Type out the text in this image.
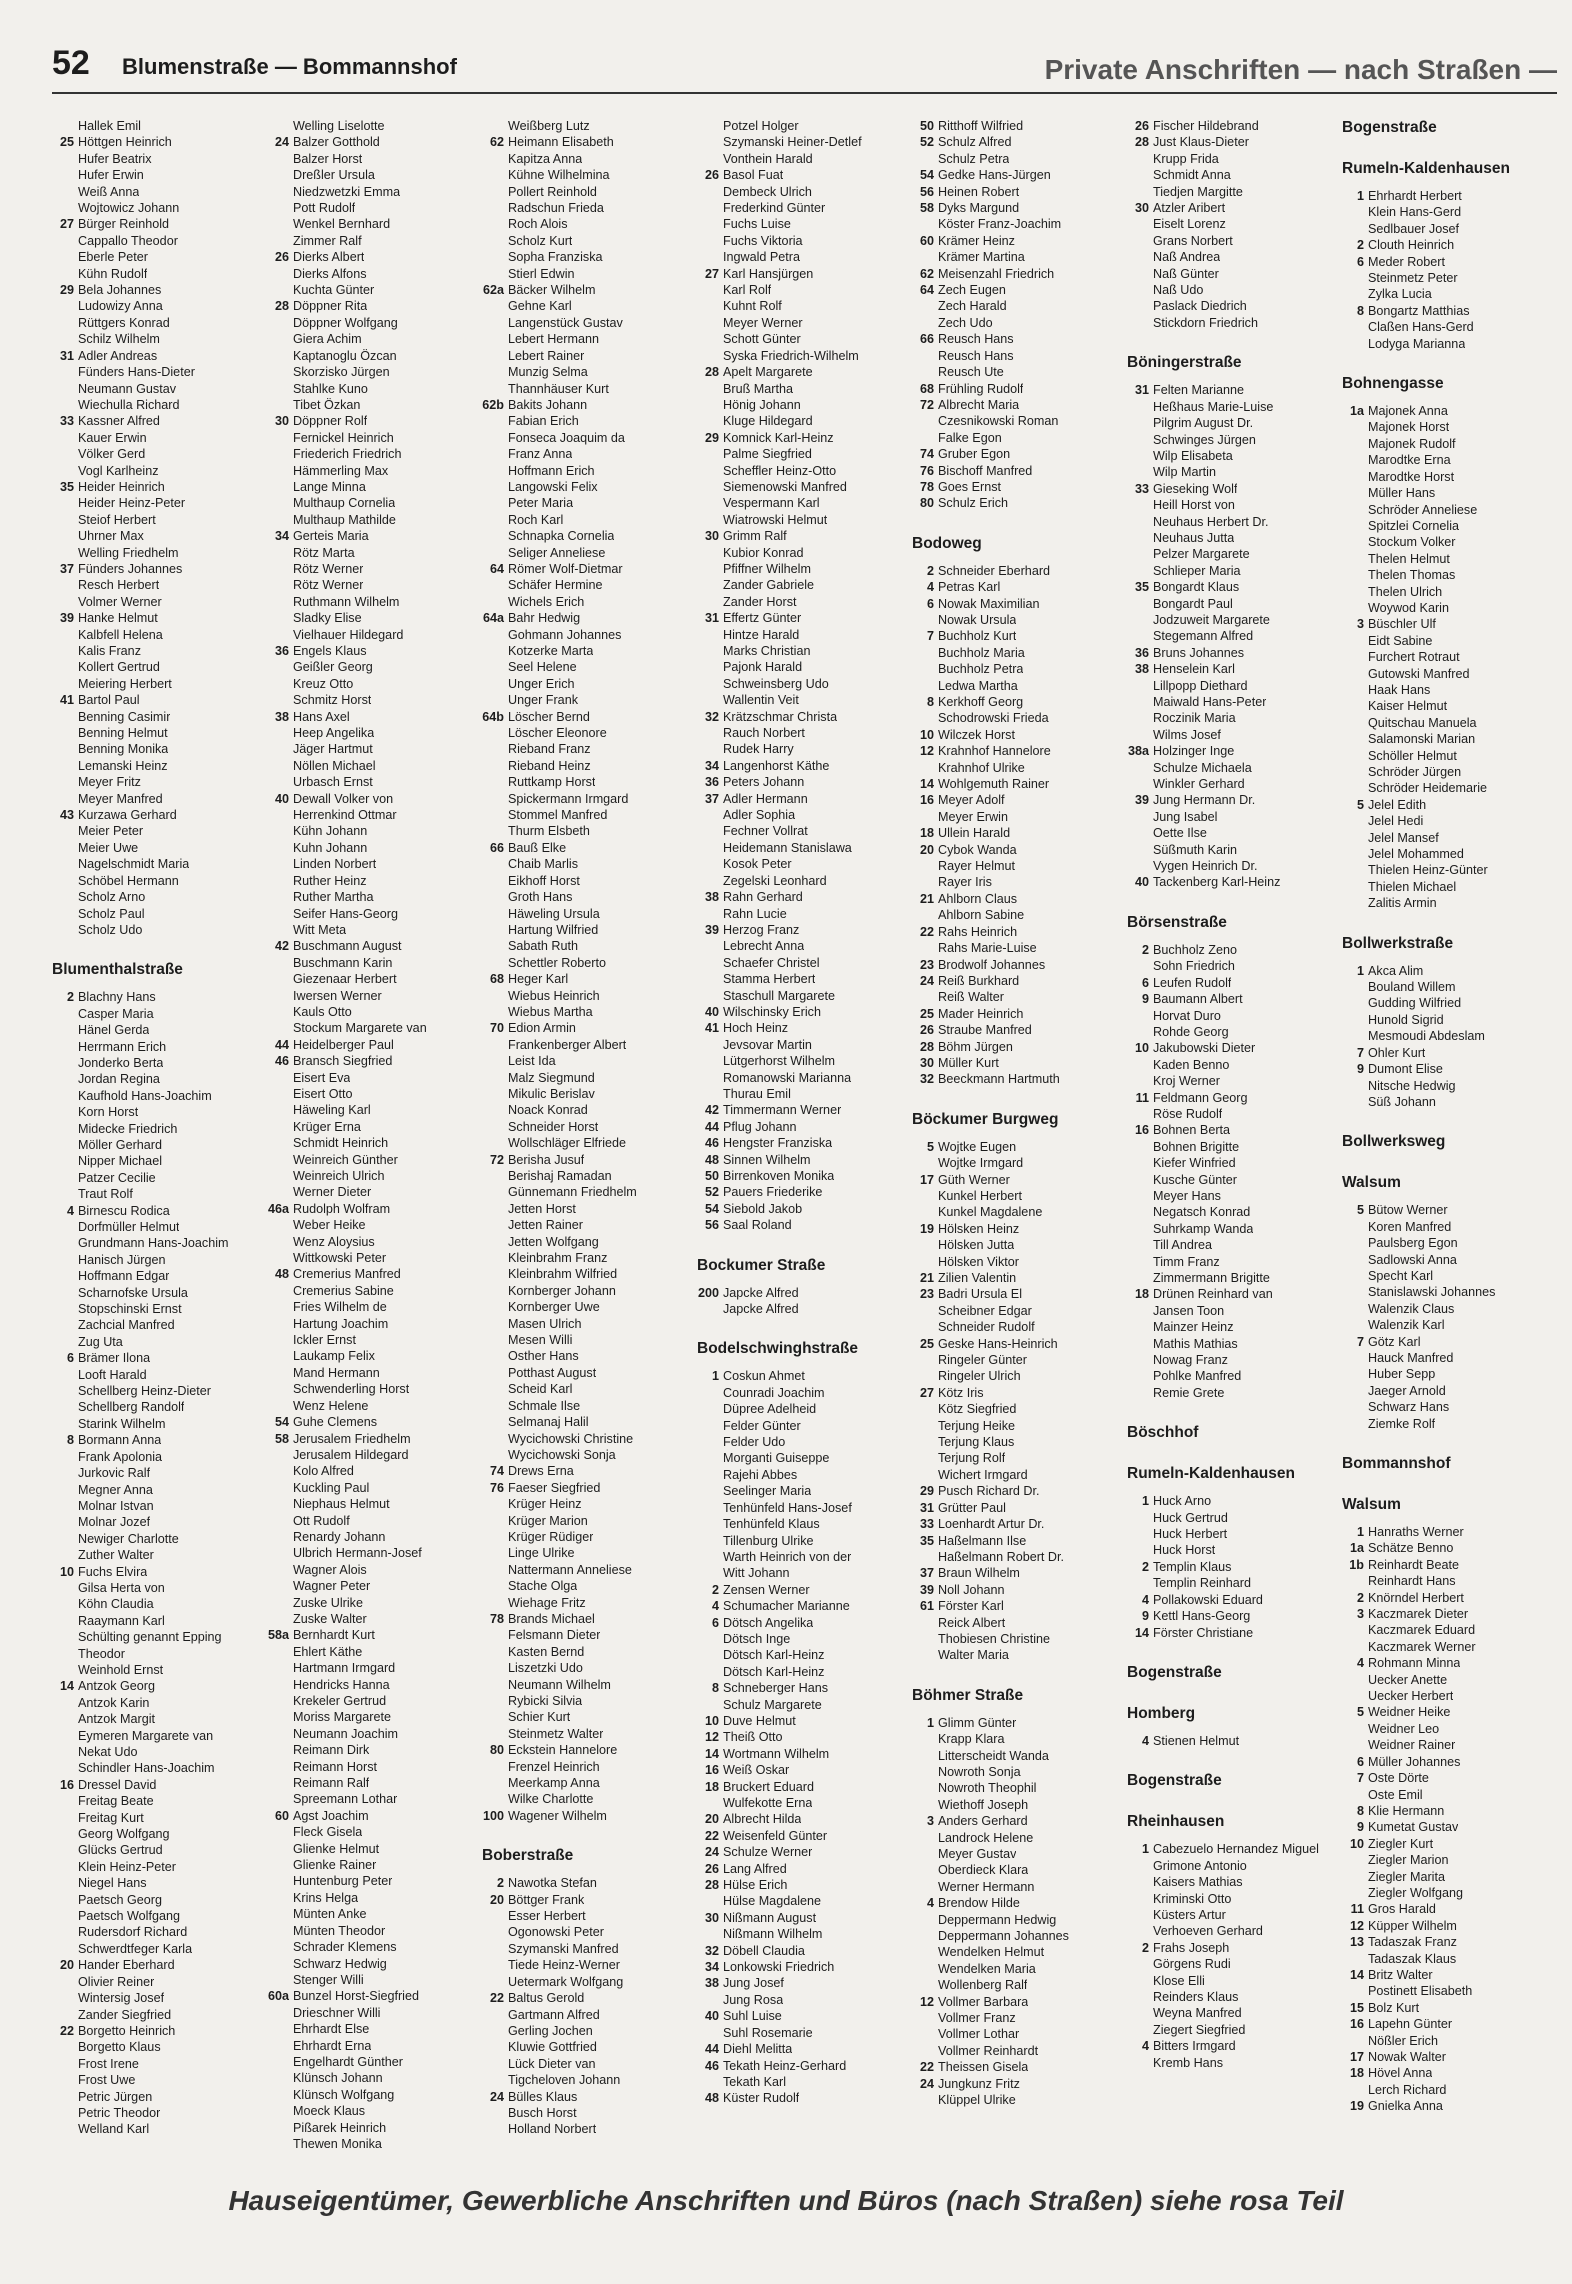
52 Blumenstraße — Bommannshof	Private Anschriften — nach Straßen —
Hallek Emil
25 Höttgen Heinrich
Hufer Beatrix
Hufer Erwin
Weiß Anna
Wojtowicz Johann
27 Bürger Reinhold
Cappallo Theodor
Eberle Peter
Kühn Rudolf
29 Bela Johannes
Ludowizy Anna
Rüttgers Konrad
Schilz Wilhelm
31 Adler Andreas
Fünders Hans-Dieter
Neumann Gustav
Wiechulla Richard
33 Kassner Alfred
Kauer Erwin
Völker Gerd
Vogl Karlheinz
35 Heider Heinrich
Heider Heinz-Peter
Steiof Herbert
Uhrner Max
Welling Friedhelm
37 Fünders Johannes
Resch Herbert
Volmer Werner
39 Hanke Helmut
Kalbfell Helena
Kalis Franz
Kollert Gertrud
Meiering Herbert
41 Bartol Paul
Benning Casimir
Benning Helmut
Benning Monika
Lemanski Heinz
Meyer Fritz
Meyer Manfred
43 Kurzawa Gerhard
Meier Peter
Meier Uwe
Nagelschmidt Maria
Schöbel Hermann
Scholz Arno
Scholz Paul
Scholz Udo
Blumenthalstraße
2 Blachny Hans
Casper Maria
Hänel Gerda
Herrmann Erich
Jonderko Berta
Jordan Regina
Kaufhold Hans-Joachim
Korn Horst
Midecke Friedrich
Möller Gerhard
Nipper Michael
Patzer Cecilie
Traut Rolf
4 Birnescu Rodica
Dorfmüller Helmut
Grundmann Hans-Joachim
Hanisch Jürgen
Hoffmann Edgar
Scharnofske Ursula
Stopschinski Ernst
Zachcial Manfred
Zug Uta
6 Brämer Ilona
Looft Harald
Schellberg Heinz-Dieter
Schellberg Randolf
Starink Wilhelm
8 Bormann Anna
Frank Apolonia
Jurkovic Ralf
Megner Anna
Molnar Istvan
Molnar Jozef
Newiger Charlotte
Zuther Walter
10 Fuchs Elvira
Gilsa Herta von
Köhn Claudia
Raaymann Karl
Schülting genannt Epping
Theodor
Weinhold Ernst
14 Antzok Georg
Antzok Karin
Antzok Margit
Eymeren Margarete van
Nekat Udo
Schindler Hans-Joachim
16 Dressel David
Freitag Beate
Freitag Kurt
Georg Wolfgang
Glücks Gertrud
Klein Heinz-Peter
Niegel Hans
Paetsch Georg
Paetsch Wolfgang
Rudersdorf Richard
Schwerdtfeger Karla
20 Hander Eberhard
Olivier Reiner
Wintersig Josef
Zander Siegfried
22 Borgetto Heinrich
Borgetto Klaus
Frost Irene
Frost Uwe
Petric Jürgen
Petric Theodor
Welland Karl
Welling Liselotte
24 Balzer Gotthold
Balzer Horst
Dreßler Ursula
Niedzwetzki Emma
Pott Rudolf
Wenkel Bernhard
Zimmer Ralf
26 Dierks Albert
Dierks Alfons
Kuchta Günter
28 Döppner Rita
Döppner Wolfgang
Giera Achim
Kaptanoglu Özcan
Skorzisko Jürgen
Stahlke Kuno
Tibet Özkan
30 Döppner Rolf
Fernickel Heinrich
Friederich Friedrich
Hämmerling Max
Lange Minna
Multhaup Cornelia
Multhaup Mathilde
34 Gerteis Maria
Rötz Marta
Rötz Werner
Rötz Werner
Ruthmann Wilhelm
Sladky Elise
Vielhauer Hildegard
36 Engels Klaus
Geißler Georg
Kreuz Otto
Schmitz Horst
38 Hans Axel
Heep Angelika
Jäger Hartmut
Nöllen Michael
Urbasch Ernst
40 Dewall Volker von
Herrenkind Ottmar
Kühn Johann
Kuhn Johann
Linden Norbert
Ruther Heinz
Ruther Martha
Seifer Hans-Georg
Witt Meta
42 Buschmann August
Buschmann Karin
Giezenaar Herbert
Iwersen Werner
Kauls Otto
Stockum Margarete van
44 Heidelberger Paul
46 Bransch Siegfried
Eisert Eva
Eisert Otto
Häweling Karl
Krüger Erna
Schmidt Heinrich
Weinreich Günther
Weinreich Ulrich
Werner Dieter
46a Rudolph Wolfram
Weber Heike
Wenz Aloysius
Wittkowski Peter
48 Cremerius Manfred
Cremerius Sabine
Fries Wilhelm de
Hartung Joachim
Ickler Ernst
Laukamp Felix
Mand Hermann
Schwenderling Horst
Wenz Helene
54 Guhe Clemens
58 Jerusalem Friedhelm
Jerusalem Hildegard
Kolo Alfred
Kuckling Paul
Niephaus Helmut
Ott Rudolf
Renardy Johann
Ulbrich Hermann-Josef
Wagner Alois
Wagner Peter
Zuske Ulrike
Zuske Walter
58a Bernhardt Kurt
Ehlert Käthe
Hartmann Irmgard
Hendricks Hanna
Krekeler Gertrud
Moriss Margarete
Neumann Joachim
Reimann Dirk
Reimann Horst
Reimann Ralf
Spreemann Lothar
60 Agst Joachim
Fleck Gisela
Glienke Helmut
Glienke Rainer
Huntenburg Peter
Krins Helga
Münten Anke
Münten Theodor
Schrader Klemens
Schwarz Hedwig
Stenger Willi
60a Bunzel Horst-Siegfried
Drieschner Willi
Ehrhardt Else
Ehrhardt Erna
Engelhardt Günther
Klünsch Johann
Klünsch Wolfgang
Moeck Klaus
Pißarek Heinrich
Thewen Monika
Weißberg Lutz
62 Heimann Elisabeth
Kapitza Anna
Kühne Wilhelmina
Pollert Reinhold
Radschun Frieda
Roch Alois
Scholz Kurt
Sopha Franziska
Stierl Edwin
62a Bäcker Wilhelm
Gehne Karl
Langenstück Gustav
Lebert Hermann
Lebert Rainer
Munzig Selma
Thannhäuser Kurt
62b Bakits Johann
Fabian Erich
Fonseca Joaquim da
Franz Anna
Hoffmann Erich
Langowski Felix
Peter Maria
Roch Karl
Schnapka Cornelia
Seliger Anneliese
64 Römer Wolf-Dietmar
Schäfer Hermine
Wichels Erich
64a Bahr Hedwig
Gohmann Johannes
Kotzerke Marta
Seel Helene
Unger Erich
Unger Frank
64b Löscher Bernd
Löscher Eleonore
Rieband Franz
Rieband Heinz
Ruttkamp Horst
Spickermann Irmgard
Stommel Manfred
Thurm Elsbeth
66 Bauß Elke
Chaib Marlis
Eikhoff Horst
Groth Hans
Häweling Ursula
Hartung Wilfried
Sabath Ruth
Schettler Roberto
68 Heger Karl
Wiebus Heinrich
Wiebus Martha
70 Edion Armin
Frankenberger Albert
Leist Ida
Malz Siegmund
Mikulic Berislav
Noack Konrad
Schneider Horst
Wollschläger Elfriede
72 Berisha Jusuf
Berishaj Ramadan
Günnemann Friedhelm
Jetten Horst
Jetten Rainer
Jetten Wolfgang
Kleinbrahm Franz
Kleinbrahm Wilfried
Kornberger Johann
Kornberger Uwe
Masen Ulrich
Mesen Willi
Osther Hans
Potthast August
Scheid Karl
Schmale Ilse
Selmanaj Halil
Wycichowski Christine
Wycichowski Sonja
74 Drews Erna
76 Faeser Siegfried
Krüger Heinz
Krüger Marion
Krüger Rüdiger
Linge Ulrike
Nattermann Anneliese
Stache Olga
Wiehage Fritz
78 Brands Michael
Felsmann Dieter
Kasten Bernd
Liszetzki Udo
Neumann Wilhelm
Rybicki Silvia
Schier Kurt
Steinmetz Walter
80 Eckstein Hannelore
Frenzel Heinrich
Meerkamp Anna
Wilke Charlotte
100 Wagener Wilhelm
Boberstraße
2 Nawotka Stefan
20 Böttger Frank
Esser Herbert
Ogonowski Peter
Szymanski Manfred
Tiede Heinz-Werner
Uetermark Wolfgang
22 Baltus Gerold
Gartmann Alfred
Gerling Jochen
Kluwie Gottfried
Lück Dieter van
Tigcheloven Johann
24 Bülles Klaus
Busch Horst
Holland Norbert
Potzel Holger
Szymanski Heiner-Detlef
Vonthein Harald
26 Basol Fuat
Dembeck Ulrich
Frederkind Günter
Fuchs Luise
Fuchs Viktoria
Ingwald Petra
27 Karl Hansjürgen
Karl Rolf
Kuhnt Rolf
Meyer Werner
Schott Günter
Syska Friedrich-Wilhelm
28 Apelt Margarete
Bruß Martha
Hönig Johann
Kluge Hildegard
29 Komnick Karl-Heinz
Palme Siegfried
Scheffler Heinz-Otto
Siemenowski Manfred
Vespermann Karl
Wiatrowski Helmut
30 Grimm Ralf
Kubior Konrad
Pfiffner Wilhelm
Zander Gabriele
Zander Horst
31 Effertz Günter
Hintze Harald
Marks Christian
Pajonk Harald
Schweinsberg Udo
Wallentin Veit
32 Krätzschmar Christa
Rauch Norbert
Rudek Harry
34 Langenhorst Käthe
36 Peters Johann
37 Adler Hermann
Adler Sophia
Fechner Vollrat
Heidemann Stanislawa
Kosok Peter
Zegelski Leonhard
38 Rahn Gerhard
Rahn Lucie
39 Herzog Franz
Lebrecht Anna
Schaefer Christel
Stamma Herbert
Staschull Margarete
40 Wilschinsky Erich
41 Hoch Heinz
Jevsovar Martin
Lütgerhorst Wilhelm
Romanowski Marianna
Thurau Emil
42 Timmermann Werner
44 Pflug Johann
46 Hengster Franziska
48 Sinnen Wilhelm
50 Birrenkoven Monika
52 Pauers Friederike
54 Siebold Jakob
56 Saal Roland
Bockumer Straße
200 Japcke Alfred
Japcke Alfred
Bodelschwinghstraße
1 Coskun Ahmet
Counradi Joachim
Düpree Adelheid
Felder Günter
Felder Udo
Morganti Guiseppe
Rajehi Abbes
Seelinger Maria
Tenhünfeld Hans-Josef
Tenhünfeld Klaus
Tillenburg Ulrike
Warth Heinrich von der
Witt Johann
2 Zensen Werner
4 Schumacher Marianne
6 Dötsch Angelika
Dötsch Inge
Dötsch Karl-Heinz
Dötsch Karl-Heinz
8 Schneberger Hans
Schulz Margarete
10 Duve Helmut
12 Theiß Otto
14 Wortmann Wilhelm
16 Weiß Oskar
18 Bruckert Eduard
Wulfekotte Erna
20 Albrecht Hilda
22 Weisenfeld Günter
24 Schulze Werner
26 Lang Alfred
28 Hülse Erich
Hülse Magdalene
30 Nißmann August
Nißmann Wilhelm
32 Döbell Claudia
34 Lonkowski Friedrich
38 Jung Josef
Jung Rosa
40 Suhl Luise
Suhl Rosemarie
44 Diehl Melitta
46 Tekath Heinz-Gerhard
Tekath Karl
48 Küster Rudolf
50 Ritthoff Wilfried
52 Schulz Alfred
Schulz Petra
54 Gedke Hans-Jürgen
56 Heinen Robert
58 Dyks Margund
Köster Franz-Joachim
60 Krämer Heinz
Krämer Martina
62 Meisenzahl Friedrich
64 Zech Eugen
Zech Harald
Zech Udo
66 Reusch Hans
Reusch Hans
Reusch Ute
68 Frühling Rudolf
72 Albrecht Maria
Czesnikowski Roman
Falke Egon
74 Gruber Egon
76 Bischoff Manfred
78 Goes Ernst
80 Schulz Erich
Bodoweg
2 Schneider Eberhard
4 Petras Karl
6 Nowak Maximilian
Nowak Ursula
7 Buchholz Kurt
Buchholz Maria
Buchholz Petra
Ledwa Martha
8 Kerkhoff Georg
Schodrowski Frieda
10 Wilczek Horst
12 Krahnhof Hannelore
Krahnhof Ulrike
14 Wohlgemuth Rainer
16 Meyer Adolf
Meyer Erwin
18 Ullein Harald
20 Cybok Wanda
Rayer Helmut
Rayer Iris
21 Ahlborn Claus
Ahlborn Sabine
22 Rahs Heinrich
Rahs Marie-Luise
23 Brodwolf Johannes
24 Reiß Burkhard
Reiß Walter
25 Mader Heinrich
26 Straube Manfred
28 Böhm Jürgen
30 Müller Kurt
32 Beeckmann Hartmuth
Böckumer Burgweg
5 Wojtke Eugen
Wojtke Irmgard
17 Güth Werner
Kunkel Herbert
Kunkel Magdalene
19 Hölsken Heinz
Hölsken Jutta
Hölsken Viktor
21 Zilien Valentin
23 Badri Ursula El
Scheibner Edgar
Schneider Rudolf
25 Geske Hans-Heinrich
Ringeler Günter
Ringeler Ulrich
27 Kötz Iris
Kötz Siegfried
Terjung Heike
Terjung Klaus
Terjung Rolf
Wichert Irmgard
29 Pusch Richard Dr.
31 Grütter Paul
33 Loenhardt Artur Dr.
35 Haßelmann Ilse
Haßelmann Robert Dr.
37 Braun Wilhelm
39 Noll Johann
61 Förster Karl
Reick Albert
Thobiesen Christine
Walter Maria
Böhmer Straße
1 Glimm Günter
Krapp Klara
Litterscheidt Wanda
Nowroth Sonja
Nowroth Theophil
Wiethoff Joseph
3 Anders Gerhard
Landrock Helene
Meyer Gustav
Oberdieck Klara
Werner Hermann
4 Brendow Hilde
Deppermann Hedwig
Deppermann Johannes
Wendelken Helmut
Wendelken Maria
Wollenberg Ralf
12 Vollmer Barbara
Vollmer Franz
Vollmer Lothar
Vollmer Reinhardt
22 Theissen Gisela
24 Jungkunz Fritz
Klüppel Ulrike
26 Fischer Hildebrand
28 Just Klaus-Dieter
Krupp Frida
Schmidt Anna
Tiedjen Margitte
30 Atzler Aribert
Eiselt Lorenz
Grans Norbert
Naß Andrea
Naß Günter
Naß Udo
Paslack Diedrich
Stickdorn Friedrich
Böningerstraße
31 Felten Marianne
Heßhaus Marie-Luise
Pilgrim August Dr.
Schwinges Jürgen
Wilp Elisabeta
Wilp Martin
33 Gieseking Wolf
Heill Horst von
Neuhaus Herbert Dr.
Neuhaus Jutta
Pelzer Margarete
Schlieper Maria
35 Bongardt Klaus
Bongardt Paul
Jodzuweit Margarete
Stegemann Alfred
36 Bruns Johannes
38 Henselein Karl
Lillpopp Diethard
Maiwald Hans-Peter
Roczinik Maria
Wilms Josef
38a Holzinger Inge
Schulze Michaela
Winkler Gerhard
39 Jung Hermann Dr.
Jung Isabel
Oette Ilse
Süßmuth Karin
Vygen Heinrich Dr.
40 Tackenberg Karl-Heinz
Börsenstraße
2 Buchholz Zeno
Sohn Friedrich
6 Leufen Rudolf
9 Baumann Albert
Horvat Duro
Rohde Georg
10 Jakubowski Dieter
Kaden Benno
Kroj Werner
11 Feldmann Georg
Röse Rudolf
16 Bohnen Berta
Bohnen Brigitte
Kiefer Winfried
Kusche Günter
Meyer Hans
Negatsch Konrad
Suhrkamp Wanda
Till Andrea
Timm Franz
Zimmermann Brigitte
18 Drünen Reinhard van
Jansen Toon
Mainzer Heinz
Mathis Mathias
Nowag Franz
Pohlke Manfred
Remie Grete
Böschhof
Rumeln-Kaldenhausen
1 Huck Arno
Huck Gertrud
Huck Herbert
Huck Horst
2 Templin Klaus
Templin Reinhard
4 Pollakowski Eduard
9 Kettl Hans-Georg
14 Förster Christiane
Bogenstraße
Homberg
4 Stienen Helmut
Bogenstraße
Rheinhausen
1 Cabezuelo Hernandez Miguel
Grimone Antonio
Kaisers Mathias
Kriminski Otto
Küsters Artur
Verhoeven Gerhard
2 Frahs Joseph
Görgens Rudi
Klose Elli
Reinders Klaus
Weyna Manfred
Ziegert Siegfried
4 Bitters Irmgard
Kremb Hans
Bogenstraße
Rumeln-Kaldenhausen
1 Ehrhardt Herbert
Klein Hans-Gerd
Sedlbauer Josef
2 Clouth Heinrich
6 Meder Robert
Steinmetz Peter
Zylka Lucia
8 Bongartz Matthias
Claßen Hans-Gerd
Lodyga Marianna
Bohnengasse
1a Majonek Anna
Majonek Horst
Majonek Rudolf
Marodtke Erna
Marodtke Horst
Müller Hans
Schröder Anneliese
Spitzlei Cornelia
Stockum Volker
Thelen Helmut
Thelen Thomas
Thelen Ulrich
Woywod Karin
3 Büschler Ulf
Eidt Sabine
Furchert Rotraut
Gutowski Manfred
Haak Hans
Kaiser Helmut
Quitschau Manuela
Salamonski Marian
Schöller Helmut
Schröder Jürgen
Schröder Heidemarie
5 Jelel Edith
Jelel Hedi
Jelel Mansef
Jelel Mohammed
Thielen Heinz-Günter
Thielen Michael
Zalitis Armin
Bollwerkstraße
1 Akca Alim
Bouland Willem
Gudding Wilfried
Hunold Sigrid
Mesmoudi Abdeslam
7 Ohler Kurt
9 Dumont Elise
Nitsche Hedwig
Süß Johann
Bollwerksweg
Walsum
5 Bütow Werner
Koren Manfred
Paulsberg Egon
Sadlowski Anna
Specht Karl
Stanislawski Johannes
Walenzik Claus
Walenzik Karl
7 Götz Karl
Hauck Manfred
Huber Sepp
Jaeger Arnold
Schwarz Hans
Ziemke Rolf
Bommannshof
Walsum
1 Hanraths Werner
1a Schätze Benno
1b Reinhardt Beate
Reinhardt Hans
2 Knörndel Herbert
3 Kaczmarek Dieter
Kaczmarek Eduard
Kaczmarek Werner
4 Rohmann Minna
Uecker Anette
Uecker Herbert
5 Weidner Heike
Weidner Leo
Weidner Rainer
6 Müller Johannes
7 Oste Dörte
Oste Emil
8 Klie Hermann
9 Kumetat Gustav
10 Ziegler Kurt
Ziegler Marion
Ziegler Marita
Ziegler Wolfgang
11 Gros Harald
12 Küpper Wilhelm
13 Tadaszak Franz
Tadaszak Klaus
14 Britz Walter
Postinett Elisabeth
15 Bolz Kurt
16 Lapehn Günter
Nößler Erich
17 Nowak Walter
18 Hövel Anna
Lerch Richard
19 Gnielka Anna
Hauseigentümer, Gewerbliche Anschriften und Büros (nach Straßen) siehe rosa Teil
